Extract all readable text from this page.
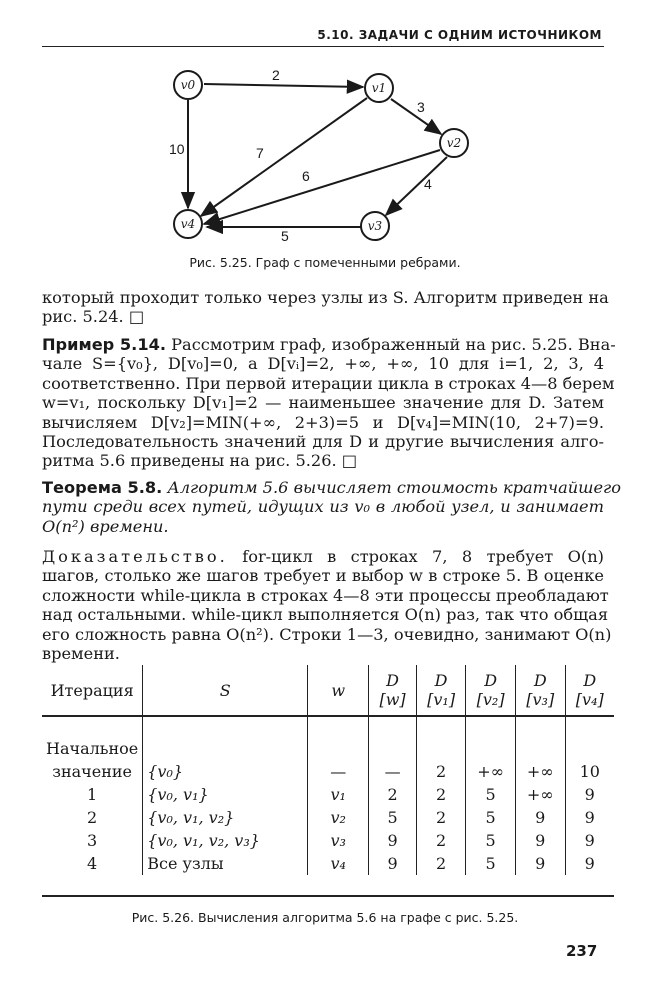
5.10. ЗАДАЧИ С ОДНИМ ИСТОЧНИКОМ
2
3
10	7
6	4
5
v0	v1
v2
v3
v4
Рис. 5.25. Граф с помеченными ребрами.
который проходит только через узлы из S. Алгоритм приведен на
рис. 5.24. □
Пример 5.14. Рассмотрим граф, изображенный на рис. 5.25. Вна-
чале S={v₀}, D[v₀]=0, а D[vᵢ]=2, +∞, +∞, 10 для i=1, 2, 3, 4
соответственно. При первой итерации цикла в строках 4—8 берем
w=v₁, поскольку D[v₁]=2 — наименьшее значение для D. Затем
вычисляем D[v₂]=MIN(+∞, 2+3)=5 и D[v₄]=MIN(10, 2+7)=9.
Последовательность значений для D и другие вычисления алго-
ритма 5.6 приведены на рис. 5.26. □
Теорема 5.8. Алгоритм 5.6 вычисляет стоимость кратчайшего
пути среди всех путей, идущих из v₀ в любой узел, и занимает
O(n²) времени.
Доказательство. for-цикл в строках 7, 8 требует O(n)
шагов, столько же шагов требует и выбор w в строке 5. В оценке
сложности while-цикла в строках 4—8 эти процессы преобладают
над остальными. while-цикл выполняется O(n) раз, так что общая
его сложность равна O(n²). Строки 1—3, очевидно, занимают O(n)
времени.
Итерация	S	w	D [w]	D [v₁]	D [v₂]	D [v₃]	D [v₄]

Начальное							
значение	{v₀}	—	—	2	+∞	+∞	10
1	{v₀, v₁}	v₁	2	2	5	+∞	9
2	{v₀, v₁, v₂}	v₂	5	2	5	9	9
3	{v₀, v₁, v₂, v₃}	v₃	9	2	5	9	9
4	Все узлы	v₄	9	2	5	9	9
Рис. 5.26. Вычисления алгоритма 5.6 на графе с рис. 5.25.
237
